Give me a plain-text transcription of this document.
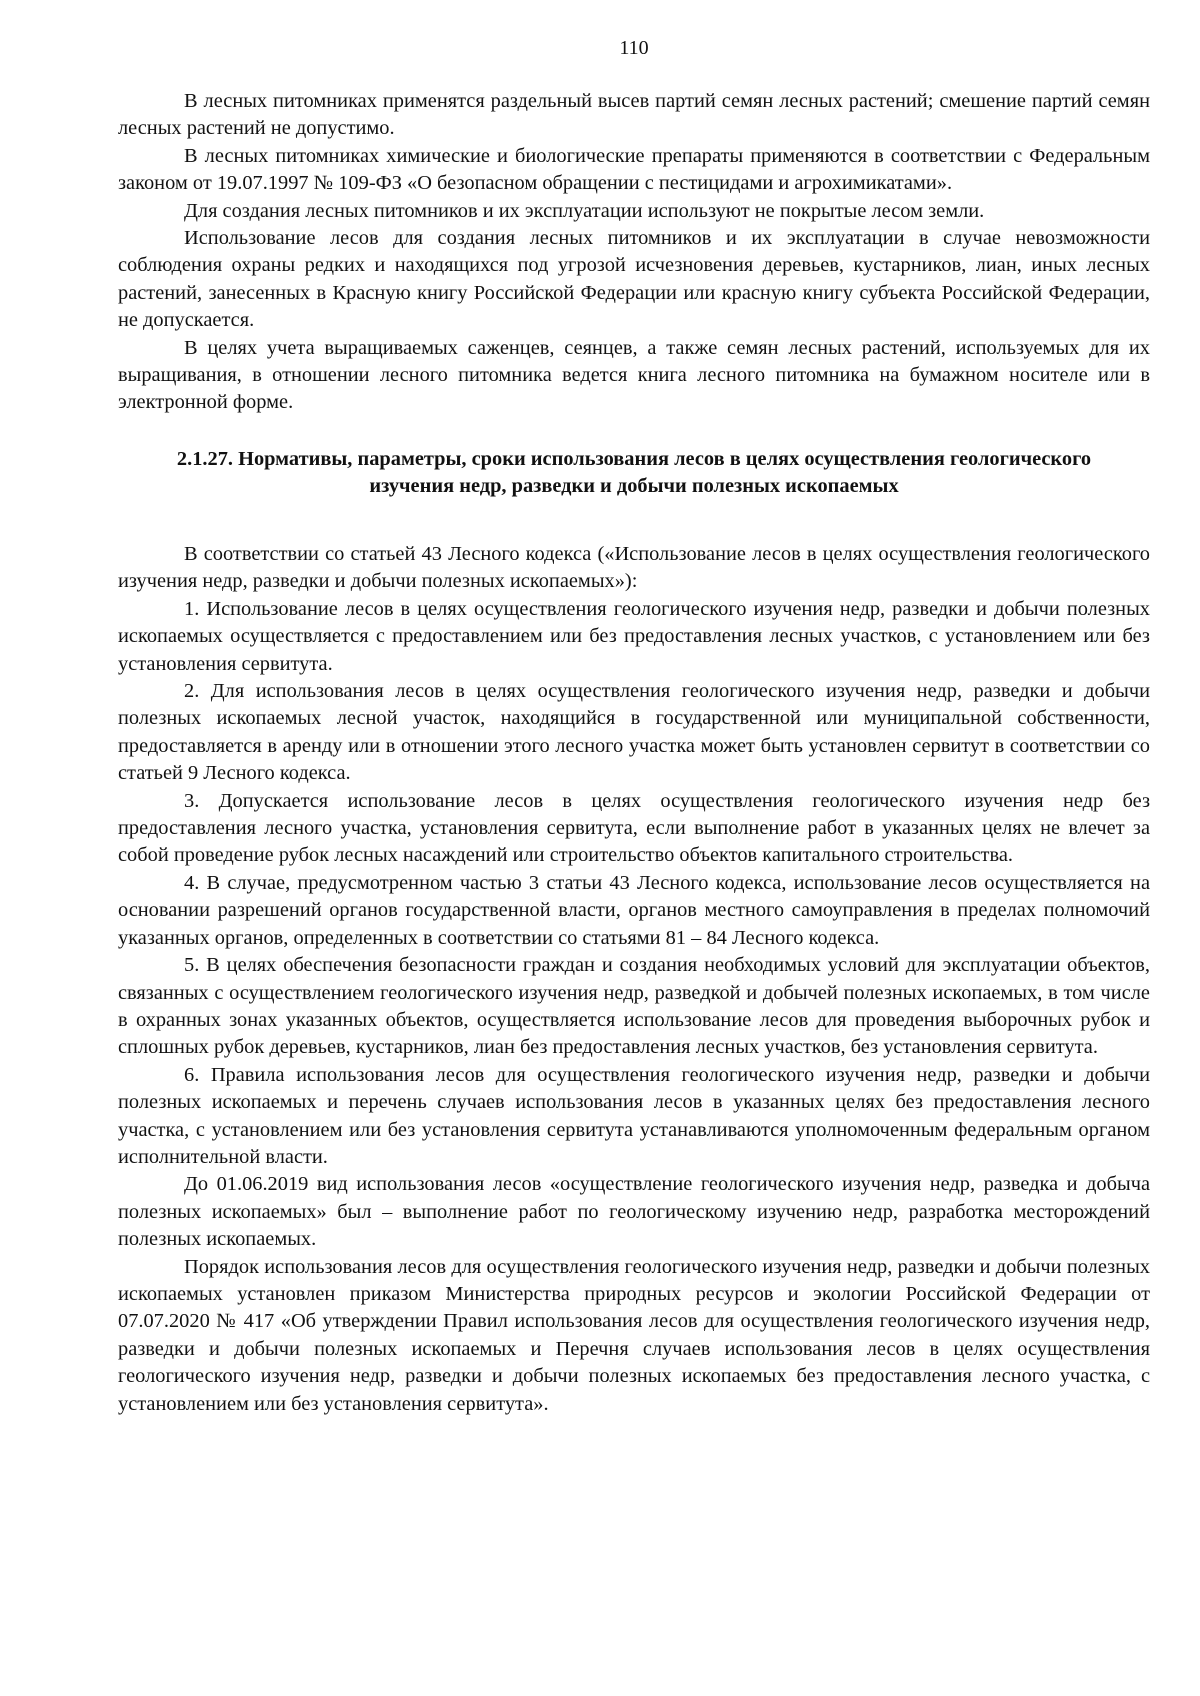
110

В лесных питомниках применятся раздельный высев партий семян лесных растений; смешение партий семян лесных растений не допустимо.

В лесных питомниках химические и биологические препараты применяются в соответствии с Федеральным законом от 19.07.1997 № 109-ФЗ «О безопасном обращении с пестицидами и агрохимикатами».

Для создания лесных питомников и их эксплуатации используют не покрытые лесом земли.

Использование лесов для создания лесных питомников и их эксплуатации в случае невозможности соблюдения охраны редких и находящихся под угрозой исчезновения деревьев, кустарников, лиан, иных лесных растений, занесенных в Красную книгу Российской Федерации или красную книгу субъекта Российской Федерации, не допускается.

В целях учета выращиваемых саженцев, сеянцев, а также семян лесных растений, используемых для их выращивания, в отношении лесного питомника ведется книга лесного питомника на бумажном носителе или в электронной форме.

2.1.27. Нормативы, параметры, сроки использования лесов в целях осуществления геологического изучения недр, разведки и добычи полезных ископаемых

В соответствии со статьей 43 Лесного кодекса («Использование лесов в целях осуществления геологического изучения недр, разведки и добычи полезных ископаемых»):

1. Использование лесов в целях осуществления геологического изучения недр, разведки и добычи полезных ископаемых осуществляется с предоставлением или без предоставления лесных участков, с установлением или без установления сервитута.

2. Для использования лесов в целях осуществления геологического изучения недр, разведки и добычи полезных ископаемых лесной участок, находящийся в государственной или муниципальной собственности, предоставляется в аренду или в отношении этого лесного участка может быть установлен сервитут в соответствии со статьей 9 Лесного кодекса.

3. Допускается использование лесов в целях осуществления геологического изучения недр без предоставления лесного участка, установления сервитута, если выполнение работ в указанных целях не влечет за собой проведение рубок лесных насаждений или строительство объектов капитального строительства.

4. В случае, предусмотренном частью 3 статьи 43 Лесного кодекса, использование лесов осуществляется на основании разрешений органов государственной власти, органов местного самоуправления в пределах полномочий указанных органов, определенных в соответствии со статьями 81 – 84 Лесного кодекса.

5. В целях обеспечения безопасности граждан и создания необходимых условий для эксплуатации объектов, связанных с осуществлением геологического изучения недр, разведкой и добычей полезных ископаемых, в том числе в охранных зонах указанных объектов, осуществляется использование лесов для проведения выборочных рубок и сплошных рубок деревьев, кустарников, лиан без предоставления лесных участков, без установления сервитута.

6. Правила использования лесов для осуществления геологического изучения недр, разведки и добычи полезных ископаемых и перечень случаев использования лесов в указанных целях без предоставления лесного участка, с установлением или без установления сервитута устанавливаются уполномоченным федеральным органом исполнительной власти.

До 01.06.2019 вид использования лесов «осуществление геологического изучения недр, разведка и добыча полезных ископаемых» был – выполнение работ по геологическому изучению недр, разработка месторождений полезных ископаемых.

Порядок использования лесов для осуществления геологического изучения недр, разведки и добычи полезных ископаемых установлен приказом Министерства природных ресурсов и экологии Российской Федерации от 07.07.2020 № 417 «Об утверждении Правил использования лесов для осуществления геологического изучения недр, разведки и добычи полезных ископаемых и Перечня случаев использования лесов в целях осуществления геологического изучения недр, разведки и добычи полезных ископаемых без предоставления лесного участка, с установлением или без установления сервитута».
